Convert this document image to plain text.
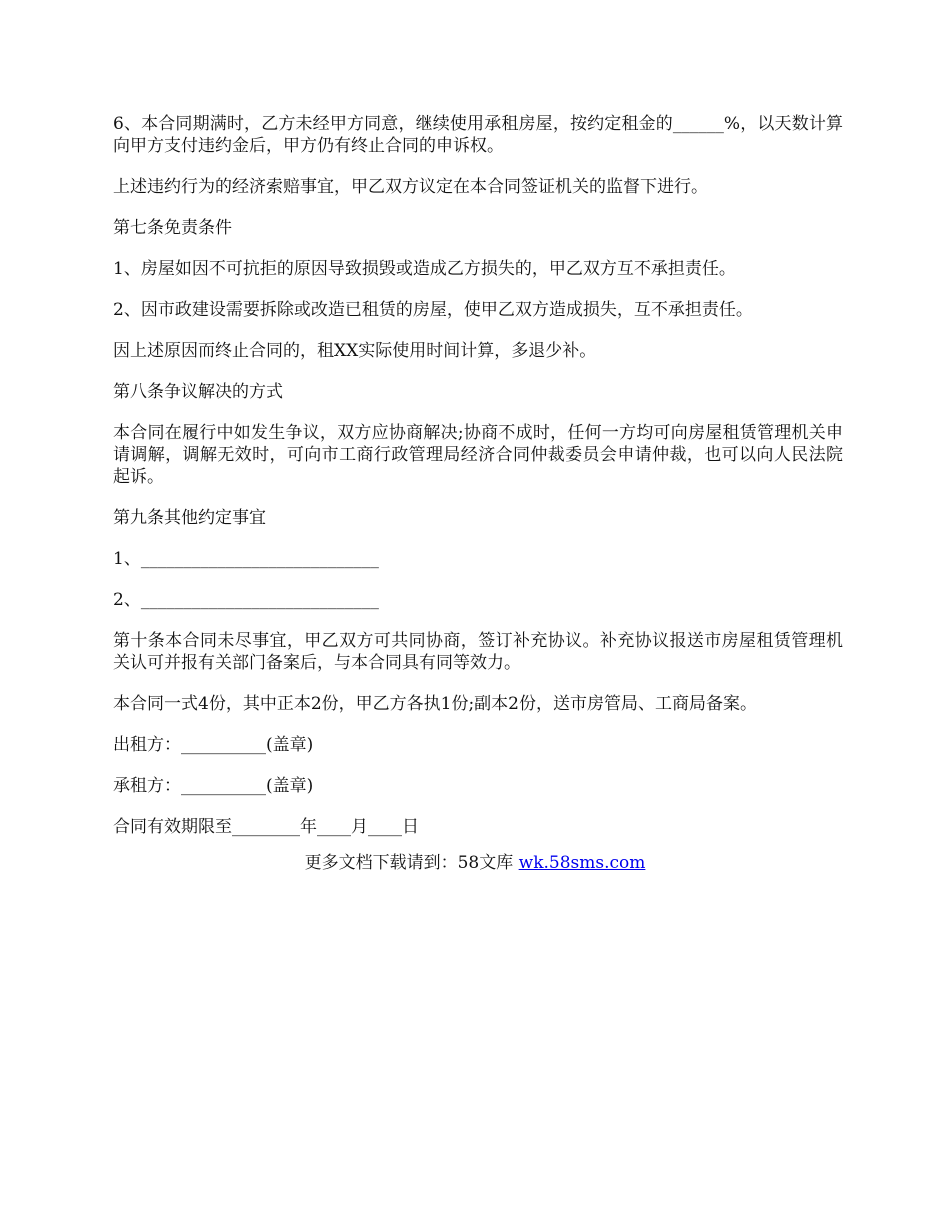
6、本合同期满时，乙方未经甲方同意，继续使用承租房屋，按约定租金的______%，以天数计算向甲方支付违约金后，甲方仍有终止合同的申诉权。

上述违约行为的经济索赔事宜，甲乙双方议定在本合同签证机关的监督下进行。

第七条免责条件

1、房屋如因不可抗拒的原因导致损毁或造成乙方损失的，甲乙双方互不承担责任。

2、因市政建设需要拆除或改造已租赁的房屋，使甲乙双方造成损失，互不承担责任。

因上述原因而终止合同的，租XX实际使用时间计算，多退少补。

第八条争议解决的方式

本合同在履行中如发生争议，双方应协商解决;协商不成时，任何一方均可向房屋租赁管理机关申请调解，调解无效时，可向市工商行政管理局经济合同仲裁委员会申请仲裁，也可以向人民法院起诉。

第九条其他约定事宜

1、____________________________

2、____________________________

第十条本合同未尽事宜，甲乙双方可共同协商，签订补充协议。补充协议报送市房屋租赁管理机关认可并报有关部门备案后，与本合同具有同等效力。

本合同一式4份，其中正本2份，甲乙方各执1份;副本2份，送市房管局、工商局备案。

出租方：__________(盖章)

承租方：__________(盖章)

合同有效期限至________年____月____日

更多文档下载请到：58文库 wk.58sms.com
